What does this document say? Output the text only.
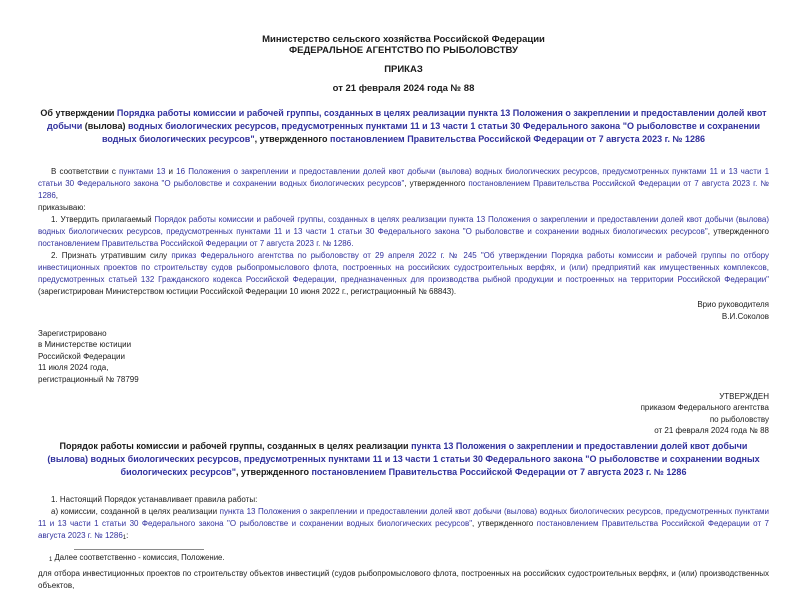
Министерство сельского хозяйства Российской Федерации
ФЕДЕРАЛЬНОЕ АГЕНТСТВО ПО РЫБОЛОВСТВУ
ПРИКАЗ
от 21 февраля 2024 года № 88
Об утверждении Порядка работы комиссии и рабочей группы, созданных в целях реализации пункта 13 Положения о закреплении и предоставлении долей квот добычи (вылова) водных биологических ресурсов, предусмотренных пунктами 11 и 13 части 1 статьи 30 Федерального закона "О рыболовстве и сохранении водных биологических ресурсов", утвержденного постановлением Правительства Российской Федерации от 7 августа 2023 г. № 1286

В соответствии с пунктами 13 и 16 Положения о закреплении и предоставлении долей квот добычи (вылова) водных биологических ресурсов, предусмотренных пунктами 11 и 13 части 1 статьи 30 Федерального закона "О рыболовстве и сохранении водных биологических ресурсов", утвержденного постановлением Правительства Российской Федерации от 7 августа 2023 г. № 1286,

приказываю:

1. Утвердить прилагаемый Порядок работы комиссии и рабочей группы, созданных в целях реализации пункта 13 Положения о закреплении и предоставлении долей квот добычи (вылова) водных биологических ресурсов, предусмотренных пунктами 11 и 13 части 1 статьи 30 Федерального закона "О рыболовстве и сохранении водных биологических ресурсов", утвержденного постановлением Правительства Российской Федерации от 7 августа 2023 г. № 1286.

2. Признать утратившим силу приказ Федерального агентства по рыболовству от 29 апреля 2022 г. № 245 "Об утверждении Порядка работы комиссии и рабочей группы по отбору инвестиционных проектов по строительству судов рыбопромыслового флота, построенных на российских судостроительных верфях, и (или) предприятий как имущественных комплексов, предусмотренных статьей 132 Гражданского кодекса Российской Федерации, предназначенных для производства рыбной продукции и построенных на территории Российской Федерации" (зарегистрирован Министерством юстиции Российской Федерации 10 июня 2022 г., регистрационный № 68843).

Врио руководителя
В.И.Соколов
Зарегистрировано
в Министерстве юстиции
Российской Федерации
11 июля 2024 года,
регистрационный № 78799
УТВЕРЖДЕН
приказом Федерального агентства
по рыболовству
от 21 февраля 2024 года № 88
Порядок работы комиссии и рабочей группы, созданных в целях реализации пункта 13 Положения о закреплении и предоставлении долей квот добычи (вылова) водных биологических ресурсов, предусмотренных пунктами 11 и 13 части 1 статьи 30 Федерального закона "О рыболовстве и сохранении водных биологических ресурсов", утвержденного постановлением Правительства Российской Федерации от 7 августа 2023 г. № 1286

1. Настоящий Порядок устанавливает правила работы:

а) комиссии, созданной в целях реализации пункта 13 Положения о закреплении и предоставлении долей квот добычи (вылова) водных биологических ресурсов, предусмотренных пунктами 11 и 13 части 1 статьи 30 Федерального закона "О рыболовстве и сохранении водных биологических ресурсов", утвержденного постановлением Правительства Российской Федерации от 7 августа 2023 г. № 12861:

1 Далее соответственно - комиссия, Положение.

для отбора инвестиционных проектов по строительству объектов инвестиций (судов рыбопромыслового флота, построенных на российских судостроительных верфях, и (или) производственных объектов,
